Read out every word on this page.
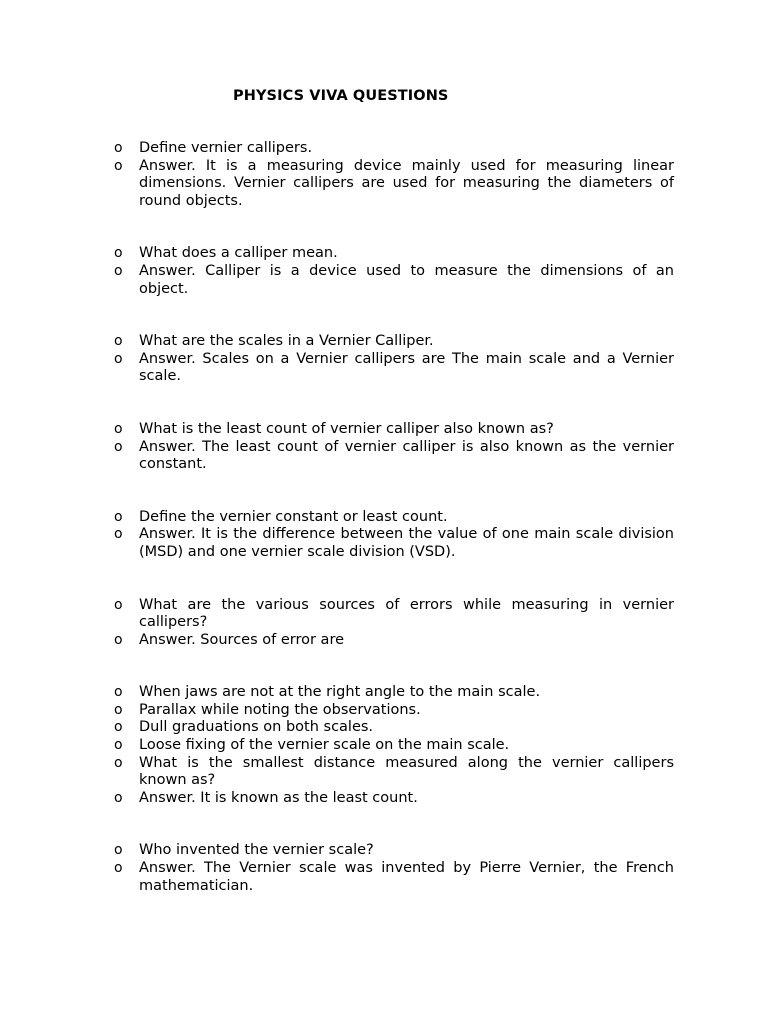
PHYSICS VIVA QUESTIONS
o Define vernier callipers.
o Answer. It is a measuring device mainly used for measuring linear dimensions. Vernier callipers are used for measuring the diameters of round objects.
o What does a calliper mean.
o Answer. Calliper is a device used to measure the dimensions of an object.
o What are the scales in a Vernier Calliper.
o Answer. Scales on a Vernier callipers are The main scale and a Vernier scale.
o What is the least count of vernier calliper also known as?
o Answer. The least count of vernier calliper is also known as the vernier constant.
o Define the vernier constant or least count.
o Answer. It is the difference between the value of one main scale division (MSD) and one vernier scale division (VSD).
o What are the various sources of errors while measuring in vernier callipers?
o Answer. Sources of error are
o When jaws are not at the right angle to the main scale.
o Parallax while noting the observations.
o Dull graduations on both scales.
o Loose fixing of the vernier scale on the main scale.
o What is the smallest distance measured along the vernier callipers known as?
o Answer. It is known as the least count.
o Who invented the vernier scale?
o Answer. The Vernier scale was invented by Pierre Vernier, the French mathematician.
